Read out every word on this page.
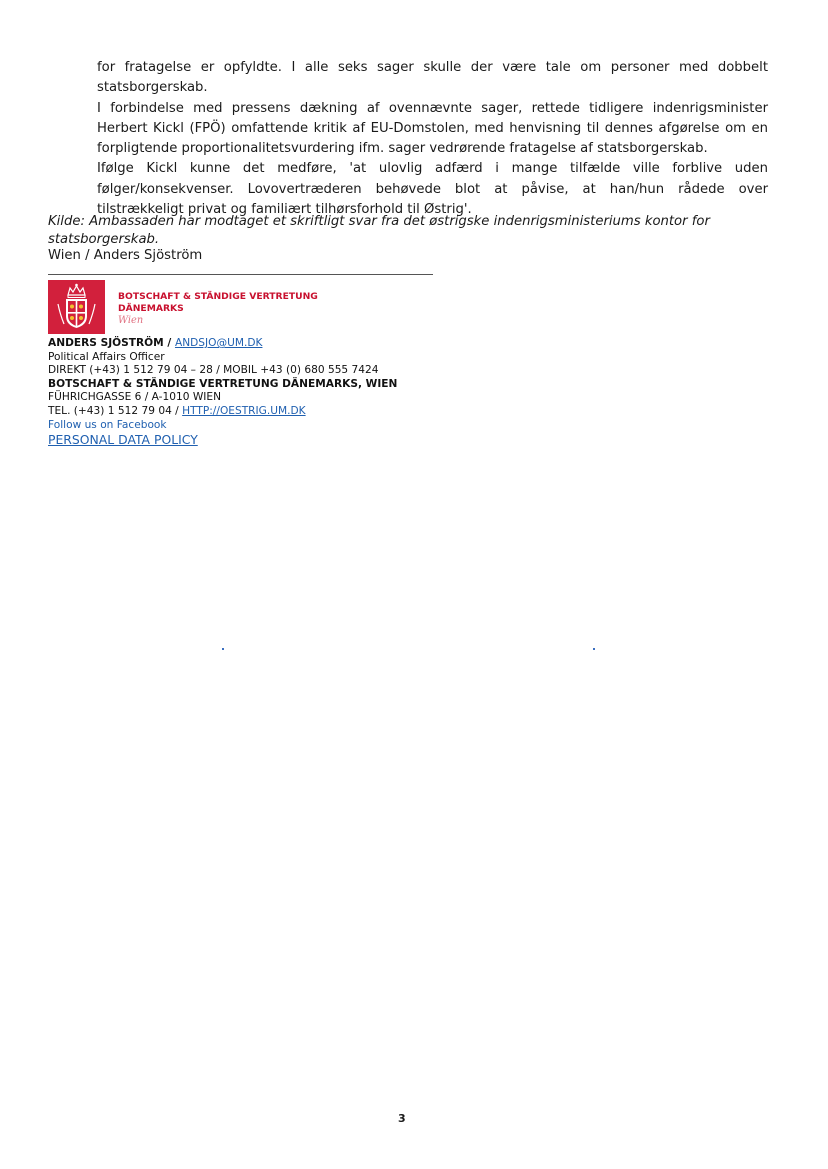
for fratagelse er opfyldte. I alle seks sager skulle der være tale om personer med dobbelt statsborgerskab.

I forbindelse med pressens dækning af ovennævnte sager, rettede tidligere indenrigsminister Herbert Kickl (FPÖ) omfattende kritik af EU-Domstolen, med henvisning til dennes afgørelse om en forpligtende proportionalitetsvurdering ifm. sager vedrørende fratagelse af statsborgerskab.

Ifølge Kickl kunne det medføre, 'at ulovlig adfærd i mange tilfælde ville forblive uden følger/konsekvenser. Lovovertræderen behøvede blot at påvise, at han/hun rådede over tilstrækkeligt privat og familiært tilhørsforhold til Østrig'.

Kilde: Ambassaden har modtaget et skriftligt svar fra det østrigske indenrigsministeriums kontor for statsborgerskab.
Wien / Anders Sjöström
BOTSCHAFT & STÄNDIGE VERTRETUNG
DÄNEMARKS
Wien
ANDERS SJÖSTRÖM / ANDSJO@UM.DK
Political Affairs Officer
DIREKT (+43) 1 512 79 04 – 28 / MOBIL +43 (0) 680 555 7424
BOTSCHAFT & STÄNDIGE VERTRETUNG DÄNEMARKS, WIEN
FÜHRICHGASSE 6 / A-1010 WIEN
TEL. (+43) 1 512 79 04 / HTTP://OESTRIG.UM.DK
Follow us on Facebook
PERSONAL DATA POLICY
3
